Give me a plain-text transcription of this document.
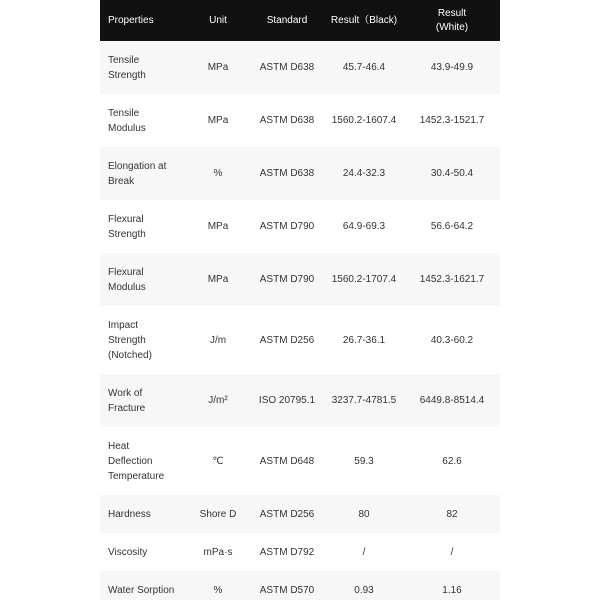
Properties	Unit	Standard	Result（Black)	Result
(White)
Tensile
Strength	MPa	ASTM D638	45.7-46.4	43.9-49.9
Tensile
Modulus	MPa	ASTM D638	1560.2-1607.4	1452.3-1521.7
Elongation at
Break	%	ASTM D638	24.4-32.3	30.4-50.4
Flexural
Strength	MPa	ASTM D790	64.9-69.3	56.6-64.2
Flexural
Modulus	MPa	ASTM D790	1560.2-1707.4	1452.3-1621.7
Impact
Strength
(Notched)	J/m	ASTM D256	26.7-36.1	40.3-60.2
Work of
Fracture	J/m²	ISO 20795.1	3237.7-4781.5	6449.8-8514.4
Heat
Deflection
Temperature	℃	ASTM D648	59.3	62.6
Hardness	Shore D	ASTM D256	80	82
Viscosity	mPa·s	ASTM D792	/	/
Water Sorption	%	ASTM D570	0.93	1.16
